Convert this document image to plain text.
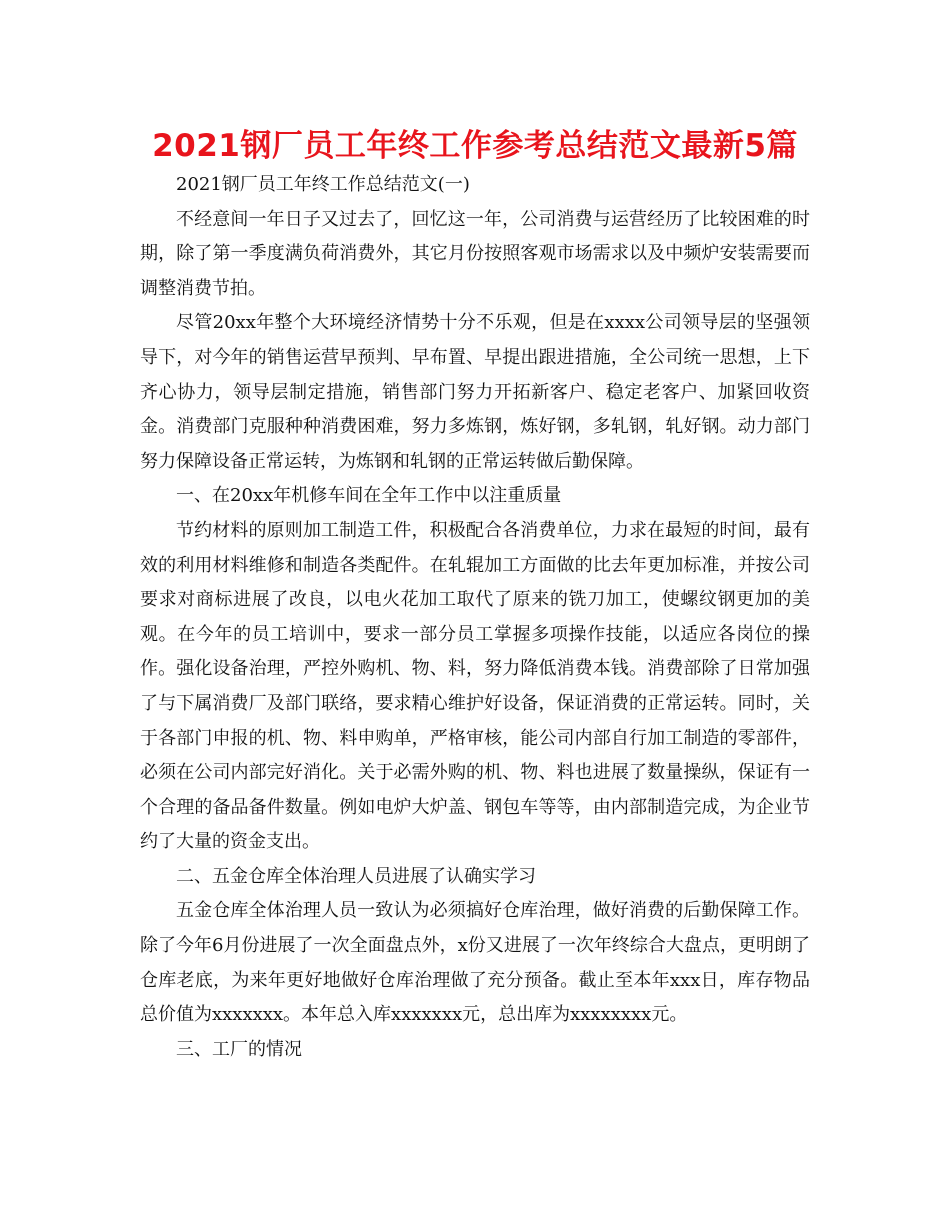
2021钢厂员工年终工作参考总结范文最新5篇

2021钢厂员工年终工作总结范文(一)

不经意间一年日子又过去了，回忆这一年，公司消费与运营经历了比较困难的时期，除了第一季度满负荷消费外，其它月份按照客观市场需求以及中频炉安装需要而调整消费节拍。

尽管20xx年整个大环境经济情势十分不乐观，但是在xxxx公司领导层的坚强领导下，对今年的销售运营早预判、早布置、早提出跟进措施，全公司统一思想，上下齐心协力，领导层制定措施，销售部门努力开拓新客户、稳定老客户、加紧回收资金。消费部门克服种种消费困难，努力多炼钢，炼好钢，多轧钢，轧好钢。动力部门努力保障设备正常运转，为炼钢和轧钢的正常运转做后勤保障。

一、在20xx年机修车间在全年工作中以注重质量

节约材料的原则加工制造工件，积极配合各消费单位，力求在最短的时间，最有效的利用材料维修和制造各类配件。在轧辊加工方面做的比去年更加标准，并按公司要求对商标进展了改良，以电火花加工取代了原来的铣刀加工，使螺纹钢更加的美观。在今年的员工培训中，要求一部分员工掌握多项操作技能，以适应各岗位的操作。强化设备治理，严控外购机、物、料，努力降低消费本钱。消费部除了日常加强了与下属消费厂及部门联络，要求精心维护好设备，保证消费的正常运转。同时，关于各部门申报的机、物、料申购单，严格审核，能公司内部自行加工制造的零部件，必须在公司内部完好消化。关于必需外购的机、物、料也进展了数量操纵，保证有一个合理的备品备件数量。例如电炉大炉盖、钢包车等等，由内部制造完成，为企业节约了大量的资金支出。

二、五金仓库全体治理人员进展了认确实学习

五金仓库全体治理人员一致认为必须搞好仓库治理，做好消费的后勤保障工作。除了今年6月份进展了一次全面盘点外，x份又进展了一次年终综合大盘点，更明朗了仓库老底，为来年更好地做好仓库治理做了充分预备。截止至本年xxx日，库存物品总价值为xxxxxxx。本年总入库xxxxxxx元，总出库为xxxxxxxx元。

三、工厂的情况
